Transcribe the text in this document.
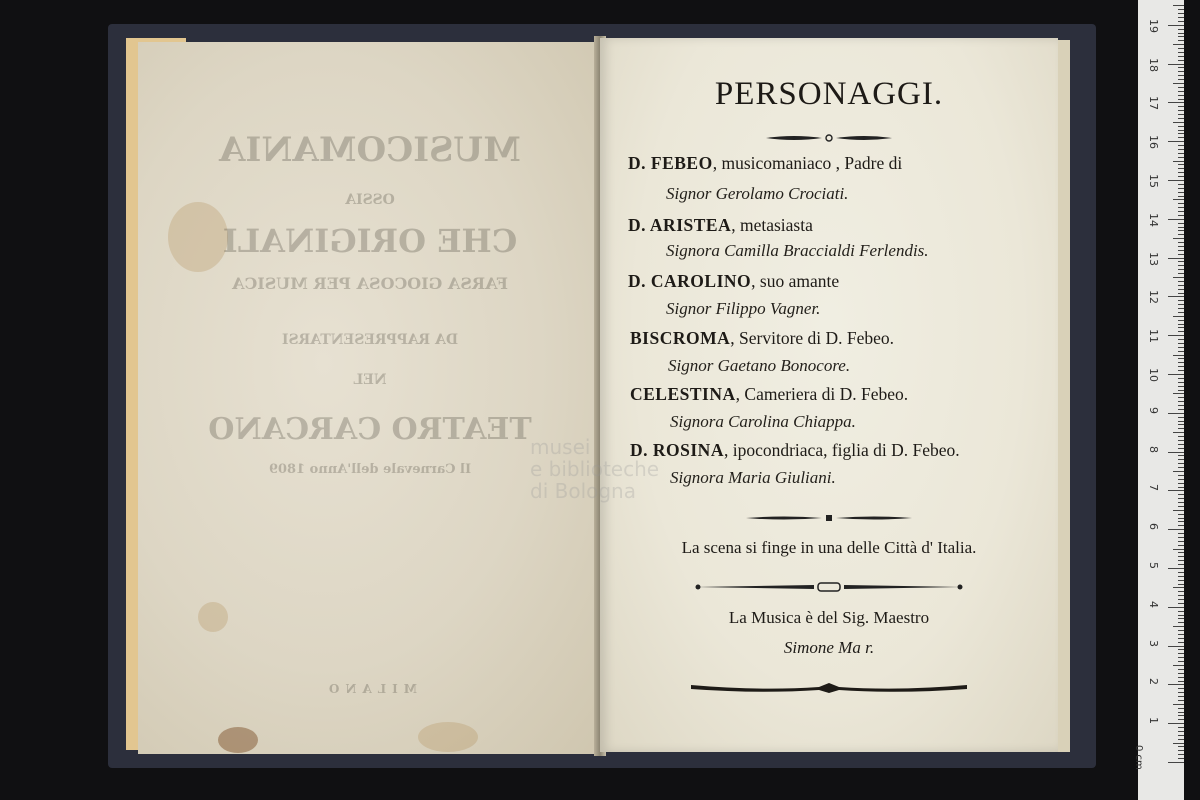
MUSICOMANIA
OSSIA
CHE ORIGINALI
FARSA GIOCOSA PER MUSICA
DA RAPPRESENTARSI
NEL
TEATRO CARCANO
Il Carnevale dell'Anno 1809
MILANO
PERSONAGGI.
D. FEBEO, musicomaniaco , Padre di
Signor Gerolamo Crociati.
D. ARISTEA, metasiasta
Signora Camilla Braccialdi Ferlendis.
D. CAROLINO, suo amante
Signor Filippo Vagner.
BISCROMA, Servitore di D. Febeo.
Signor Gaetano Bonocore.
CELESTINA, Cameriera di D. Febeo.
Signora Carolina Chiappa.
D. ROSINA, ipocondriaca, figlia di D. Febeo.
Signora Maria Giuliani.
La scena si finge in una delle Città d' Italia.
La Musica è del Sig. Maestro
Simone Ma r.
musei
e biblioteche
di Bologna
0 cm
1
2
3
4
5
6
7
8
9
10
11
12
13
14
15
16
17
18
19
